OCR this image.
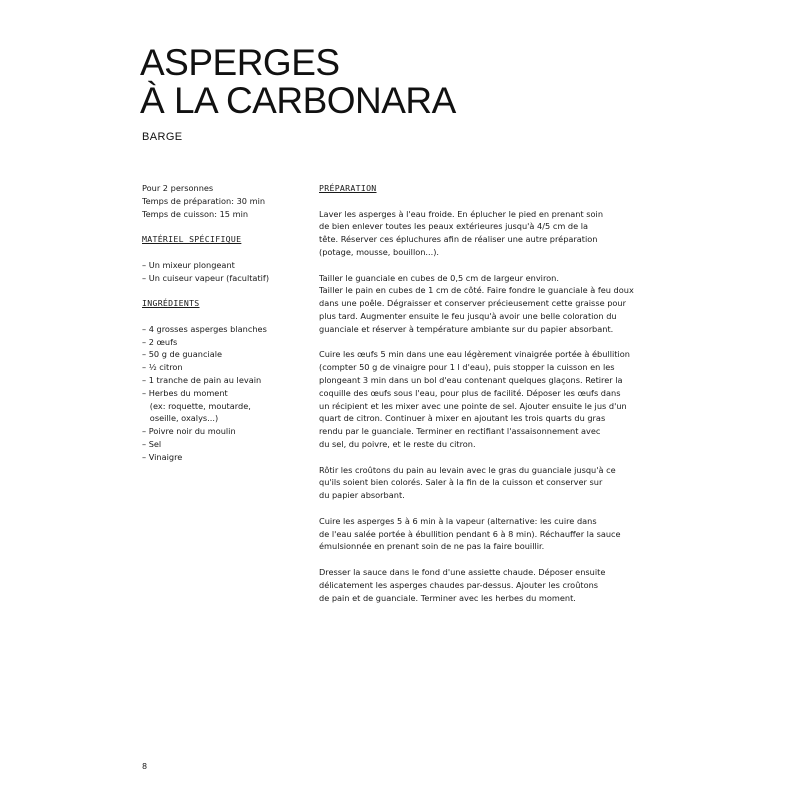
ASPERGES
À LA CARBONARA
BARGE
Pour 2 personnes
Temps de préparation: 30 min
Temps de cuisson: 15 min
MATÉRIEL SPÉCIFIQUE
– Un mixeur plongeant
– Un cuiseur vapeur (facultatif)
INGRÉDIENTS
– 4 grosses asperges blanches
– 2 œufs
– 50 g de guanciale
– ½ citron
– 1 tranche de pain au levain
– Herbes du moment
(ex: roquette, moutarde,
oseille, oxalys...)
– Poivre noir du moulin
– Sel
– Vinaigre
PRÉPARATION

Laver les asperges à l'eau froide. En éplucher le pied en prenant soin
de bien enlever toutes les peaux extérieures jusqu'à 4/5 cm de la
tête. Réserver ces épluchures afin de réaliser une autre préparation
(potage, mousse, bouillon...).

Tailler le guanciale en cubes de 0,5 cm de largeur environ.
Tailler le pain en cubes de 1 cm de côté. Faire fondre le guanciale à feu doux
dans une poêle. Dégraisser et conserver précieusement cette graisse pour
plus tard. Augmenter ensuite le feu jusqu'à avoir une belle coloration du
guanciale et réserver à température ambiante sur du papier absorbant.

Cuire les œufs 5 min dans une eau légèrement vinaigrée portée à ébullition
(compter 50 g de vinaigre pour 1 l d'eau), puis stopper la cuisson en les
plongeant 3 min dans un bol d'eau contenant quelques glaçons. Retirer la
coquille des œufs sous l'eau, pour plus de facilité. Déposer les œufs dans
un récipient et les mixer avec une pointe de sel. Ajouter ensuite le jus d'un
quart de citron. Continuer à mixer en ajoutant les trois quarts du gras
rendu par le guanciale. Terminer en rectifiant l'assaisonnement avec
du sel, du poivre, et le reste du citron.

Rôtir les croûtons du pain au levain avec le gras du guanciale jusqu'à ce
qu'ils soient bien colorés. Saler à la fin de la cuisson et conserver sur
du papier absorbant.

Cuire les asperges 5 à 6 min à la vapeur (alternative: les cuire dans
de l'eau salée portée à ébullition pendant 6 à 8 min). Réchauffer la sauce
émulsionnée en prenant soin de ne pas la faire bouillir.

Dresser la sauce dans le fond d'une assiette chaude. Déposer ensuite
délicatement les asperges chaudes par-dessus. Ajouter les croûtons
de pain et de guanciale. Terminer avec les herbes du moment.

8
